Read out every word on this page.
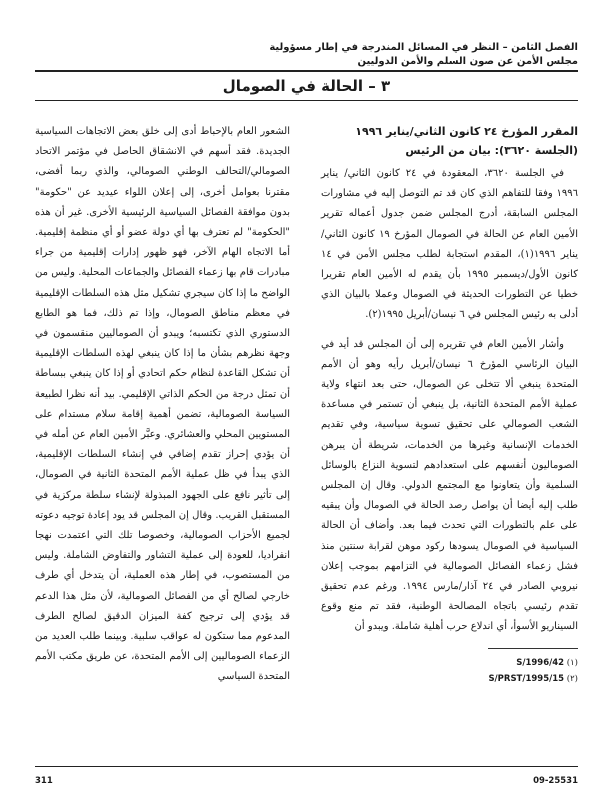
الفصل الثامن – النظر في المسائل المندرجة في إطار مسؤولية
مجلس الأمن عن صون السلم والأمن الدوليين
٣ – الحالة في الصومال
المقرر المؤرخ ٢٤ كانون الثاني/يناير ١٩٩٦
(الجلسة ٣٦٢٠): بيان من الرئيس

في الجلسة ٣٦٢٠، المعقودة في ٢٤ كانون الثاني/ يناير ١٩٩٦ وفقا للتفاهم الذي كان قد تم التوصل إليه في مشاورات المجلس السابقة، أدرج المجلس ضمن جدول أعماله تقرير الأمين العام عن الحالة في الصومال المؤرخ ١٩ كانون الثاني/يناير ١٩٩٦(١)، المقدم استجابة لطلب مجلس الأمن في ١٤ كانون الأول/ديسمبر ١٩٩٥ بأن يقدم له الأمين العام تقريرا خطيا عن التطورات الحديثة في الصومال وعملا بالبيان الذي أدلى به رئيس المجلس في ٦ نيسان/أبريل ١٩٩٥(٢).

وأشار الأمين العام في تقريره إلى أن المجلس قد أيد في البيان الرئاسي المؤرخ ٦ نيسان/أبريل رأيه وهو أن الأمم المتحدة ينبغي ألا تتخلى عن الصومال، حتى بعد انتهاء ولاية عملية الأمم المتحدة الثانية، بل ينبغي أن تستمر في مساعدة الشعب الصومالي على تحقيق تسوية سياسية، وفي تقديم الخدمات الإنسانية وغيرها من الخدمات، شريطة أن يبرهن الصوماليون أنفسهم على استعدادهم لتسوية النزاع بالوسائل السلمية وأن يتعاونوا مع المجتمع الدولي. وقال إن المجلس طلب إليه أيضا أن يواصل رصد الحالة في الصومال وأن يبقيه على علم بالتطورات التي تحدث فيما بعد. وأضاف أن الحالة السياسية في الصومال يسودها ركود موهن لقرابة سنتين منذ فشل زعماء الفصائل الصومالية في التزامهم بموجب إعلان نيروبي الصادر في ٢٤ آذار/مارس ١٩٩٤. ورغم عدم تحقيق تقدم رئيسي باتجاه المصالحة الوطنية، فقد تم منع وقوع السيناريو الأسوأ، أي اندلاع حرب أهلية شاملة. ويبدو أن

الشعور العام بالإحباط أدى إلى خلق بعض الاتجاهات السياسية الجديدة. فقد أسهم في الانشقاق الحاصل في مؤتمر الاتحاد الصومالي/التحالف الوطني الصومالي، والذي ربما أفضى، مقترنا بعوامل أخرى، إلى إعلان اللواء عيديد عن "حكومة" بدون موافقة الفصائل السياسية الرئيسية الأخرى. غير أن هذه "الحكومة" لم تعترف بها أي دولة عضو أو أي منظمة إقليمية. أما الاتجاه الهام الآخر، فهو ظهور إدارات إقليمية من جراء مبادرات قام بها زعماء الفصائل والجماعات المحلية. وليس من الواضح ما إذا كان سيجري تشكيل مثل هذه السلطات الإقليمية في معظم مناطق الصومال، وإذا تم ذلك، فما هو الطابع الدستوري الذي تكتسبه؛ ويبدو أن الصوماليين منقسمون في وجهة نظرهم بشأن ما إذا كان ينبغي لهذه السلطات الإقليمية أن تشكل القاعدة لنظام حكم اتحادي أو إذا كان ينبغي ببساطة أن تمثل درجة من الحكم الذاتي الإقليمي. بيد أنه نظرا لطبيعة السياسة الصومالية، تضمن أهمية إقامة سلام مستدام على المستويين المحلي والعشائري. وعبَّر الأمين العام عن أمله في أن يؤدي إحراز تقدم إضافي في إنشاء السلطات الإقليمية، الذي يبدأ في ظل عملية الأمم المتحدة الثانية في الصومال، إلى تأثير نافع على الجهود المبذولة لإنشاء سلطة مركزية في المستقبل القريب. وقال إن المجلس قد يود إعادة توجيه دعوته لجميع الأحزاب الصومالية، وخصوصا تلك التي اعتمدت نهجا انفراديا، للعودة إلى عملية التشاور والتفاوض الشاملة. وليس من المستصوب، في إطار هذه العملية، أن يتدخل أي طرف خارجي لصالح أي من الفصائل الصومالية، لأن مثل هذا الدعم قد يؤدي إلى ترجيح كفة الميزان الدقيق لصالح الطرف المدعوم مما ستكون له عواقب سلبية. وبينما طلب العديد من الزعماء الصوماليين إلى الأمم المتحدة، عن طريق مكتب الأمم المتحدة السياسي

(١) S/1996/42
(٢) S/PRST/1995/15
311	09-25531
